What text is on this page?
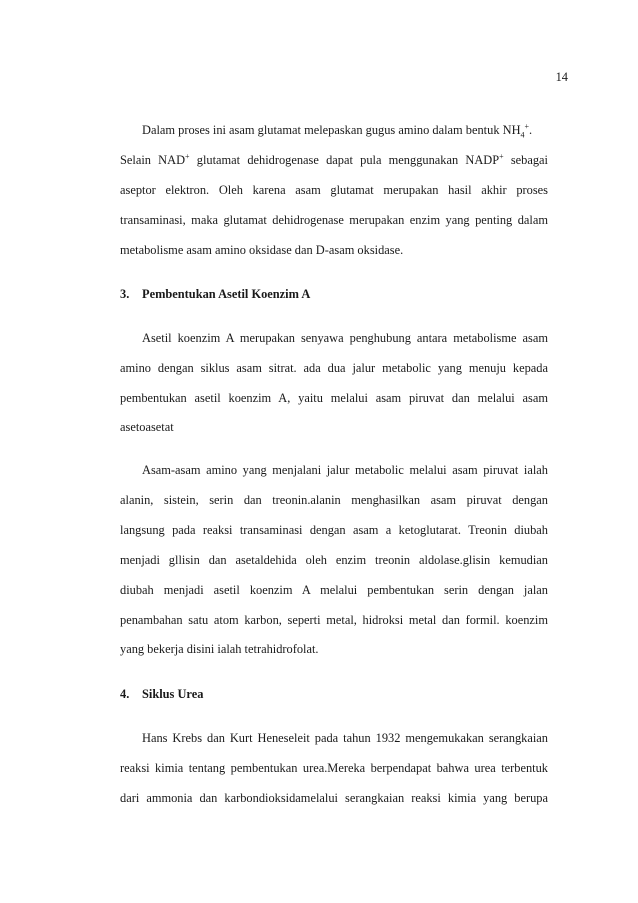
14
Dalam proses ini asam glutamat melepaskan gugus amino dalam bentuk $NH_4^+$.
Selain NAD+ glutamat dehidrogenase dapat pula menggunakan NADP+ sebagai
aseptor elektron. Oleh karena asam glutamat merupakan hasil akhir proses
transaminasi, maka glutamat dehidrogenase merupakan enzim yang penting dalam
metabolisme asam amino oksidase dan D-asam oksidase.
3. Pembentukan Asetil Koenzim A
Asetil koenzim A merupakan senyawa penghubung antara metabolisme asam
amino dengan siklus asam sitrat. ada dua jalur metabolic yang menuju kepada
pembentukan asetil koenzim A, yaitu melalui asam piruvat dan melalui asam
asetoasetat
Asam-asam amino yang menjalani jalur metabolic melalui asam piruvat ialah
alanin, sistein, serin dan treonin.alanin menghasilkan asam piruvat dengan
langsung pada reaksi transaminasi dengan asam a ketoglutarat. Treonin diubah
menjadi gllisin dan asetaldehida oleh enzim treonin aldolase.glisin kemudian
diubah menjadi asetil koenzim A melalui pembentukan serin dengan jalan
penambahan satu atom karbon, seperti metal, hidroksi metal dan formil. koenzim
yang bekerja disini ialah tetrahidrofolat.
4. Siklus Urea
Hans Krebs dan Kurt Heneseleit pada tahun 1932 mengemukakan serangkaian
reaksi kimia tentang pembentukan urea.Mereka berpendapat bahwa urea terbentuk
dari ammonia dan karbondioksidamelalui serangkaian reaksi kimia yang berupa
